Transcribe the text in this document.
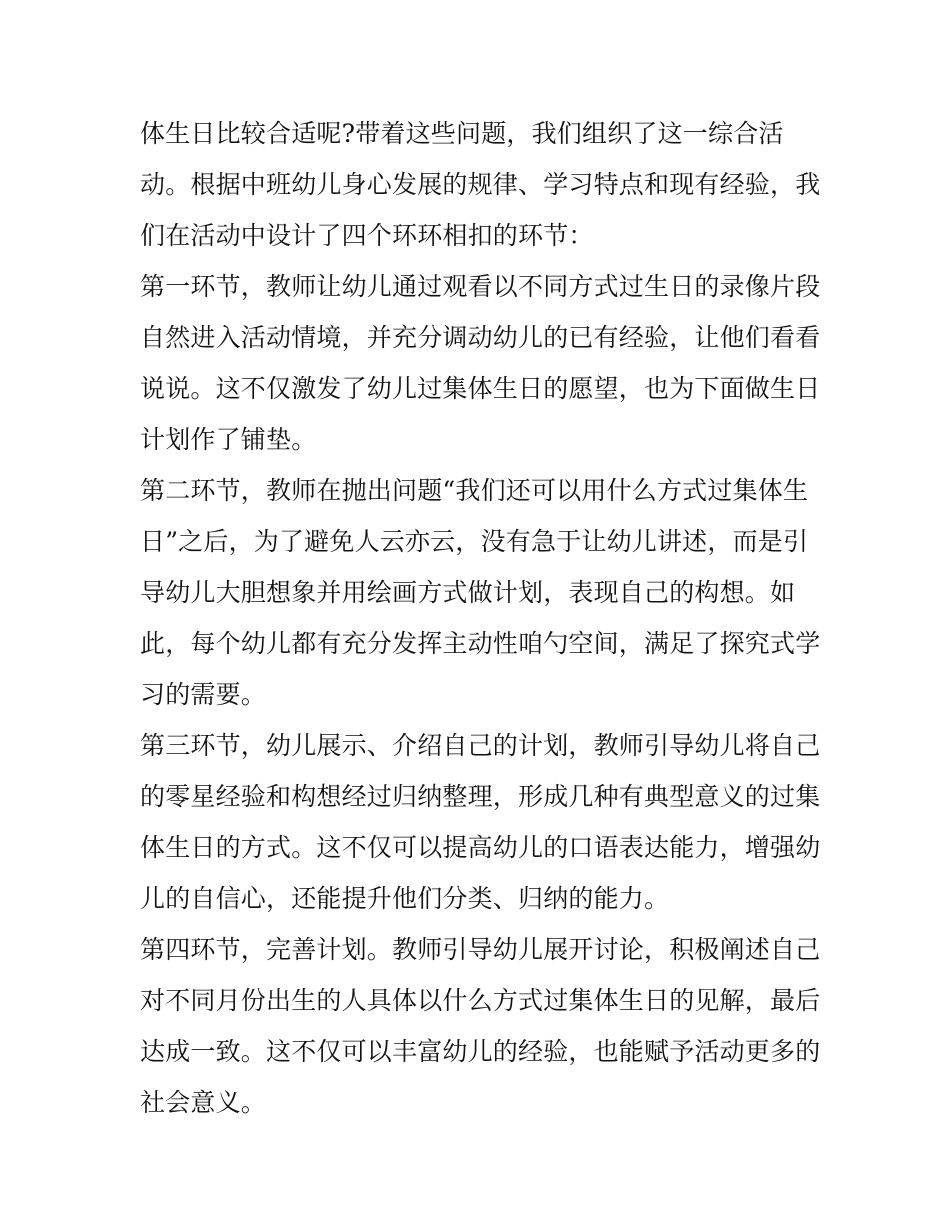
体生日比较合适呢?带着这些问题，我们组织了这一综合活
动。根据中班幼儿身心发展的规律、学习特点和现有经验，我
们在活动中设计了四个环环相扣的环节：
第一环节，教师让幼儿通过观看以不同方式过生日的录像片段
自然进入活动情境，并充分调动幼儿的已有经验，让他们看看
说说。这不仅激发了幼儿过集体生日的愿望，也为下面做生日
计划作了铺垫。
第二环节，教师在抛出问题“我们还可以用什么方式过集体生
日”之后，为了避免人云亦云，没有急于让幼儿讲述，而是引
导幼儿大胆想象并用绘画方式做计划，表现自己的构想。如
此，每个幼儿都有充分发挥主动性咱勺空间，满足了探究式学
习的需要。
第三环节，幼儿展示、介绍自己的计划，教师引导幼儿将自己
的零星经验和构想经过归纳整理，形成几种有典型意义的过集
体生日的方式。这不仅可以提高幼儿的口语表达能力，增强幼
儿的自信心，还能提升他们分类、归纳的能力。
第四环节，完善计划。教师引导幼儿展开讨论，积极阐述自己
对不同月份出生的人具体以什么方式过集体生日的见解，最后
达成一致。这不仅可以丰富幼儿的经验，也能赋予活动更多的
社会意义。
